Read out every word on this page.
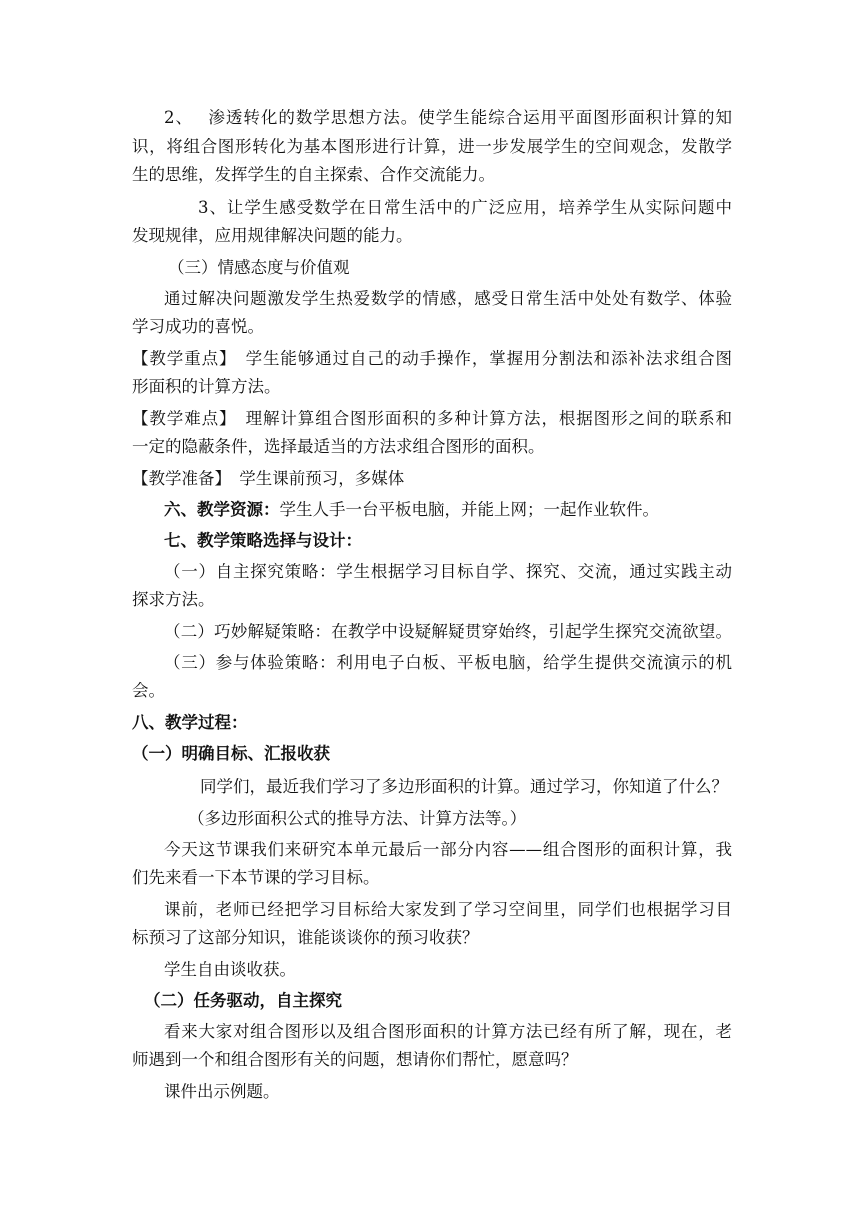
2、　 渗透转化的数学思想方法。使学生能综合运用平面图形面积计算的知
识，将组合图形转化为基本图形进行计算，进一步发展学生的空间观念，发散学
生的思维，发挥学生的自主探索、合作交流能力。
3、让学生感受数学在日常生活中的广泛应用，培养学生从实际问题中
发现规律，应用规律解决问题的能力。
（三）情感态度与价值观
通过解决问题激发学生热爱数学的情感，感受日常生活中处处有数学、体验
学习成功的喜悦。
【教学重点】　学生能够通过自己的动手操作，掌握用分割法和添补法求组合图
形面积的计算方法。
【教学难点】　理解计算组合图形面积的多种计算方法，根据图形之间的联系和
一定的隐蔽条件，选择最适当的方法求组合图形的面积。
【教学准备】　学生课前预习，多媒体
六、教学资源：学生人手一台平板电脑，并能上网；一起作业软件。
七、教学策略选择与设计：
（一）自主探究策略：学生根据学习目标自学、探究、交流，通过实践主动
探求方法。
（二）巧妙解疑策略：在教学中设疑解疑贯穿始终，引起学生探究交流欲望。
（三）参与体验策略：利用电子白板、平板电脑，给学生提供交流演示的机
会。
八、教学过程：
（一）明确目标、汇报收获
同学们，最近我们学习了多边形面积的计算。通过学习，你知道了什么？
（多边形面积公式的推导方法、计算方法等。）
今天这节课我们来研究本单元最后一部分内容——组合图形的面积计算，我
们先来看一下本节课的学习目标。
课前，老师已经把学习目标给大家发到了学习空间里，同学们也根据学习目
标预习了这部分知识，谁能谈谈你的预习收获？
学生自由谈收获。
（二）任务驱动，自主探究
看来大家对组合图形以及组合图形面积的计算方法已经有所了解，现在，老
师遇到一个和组合图形有关的问题，想请你们帮忙，愿意吗？
课件出示例题。
